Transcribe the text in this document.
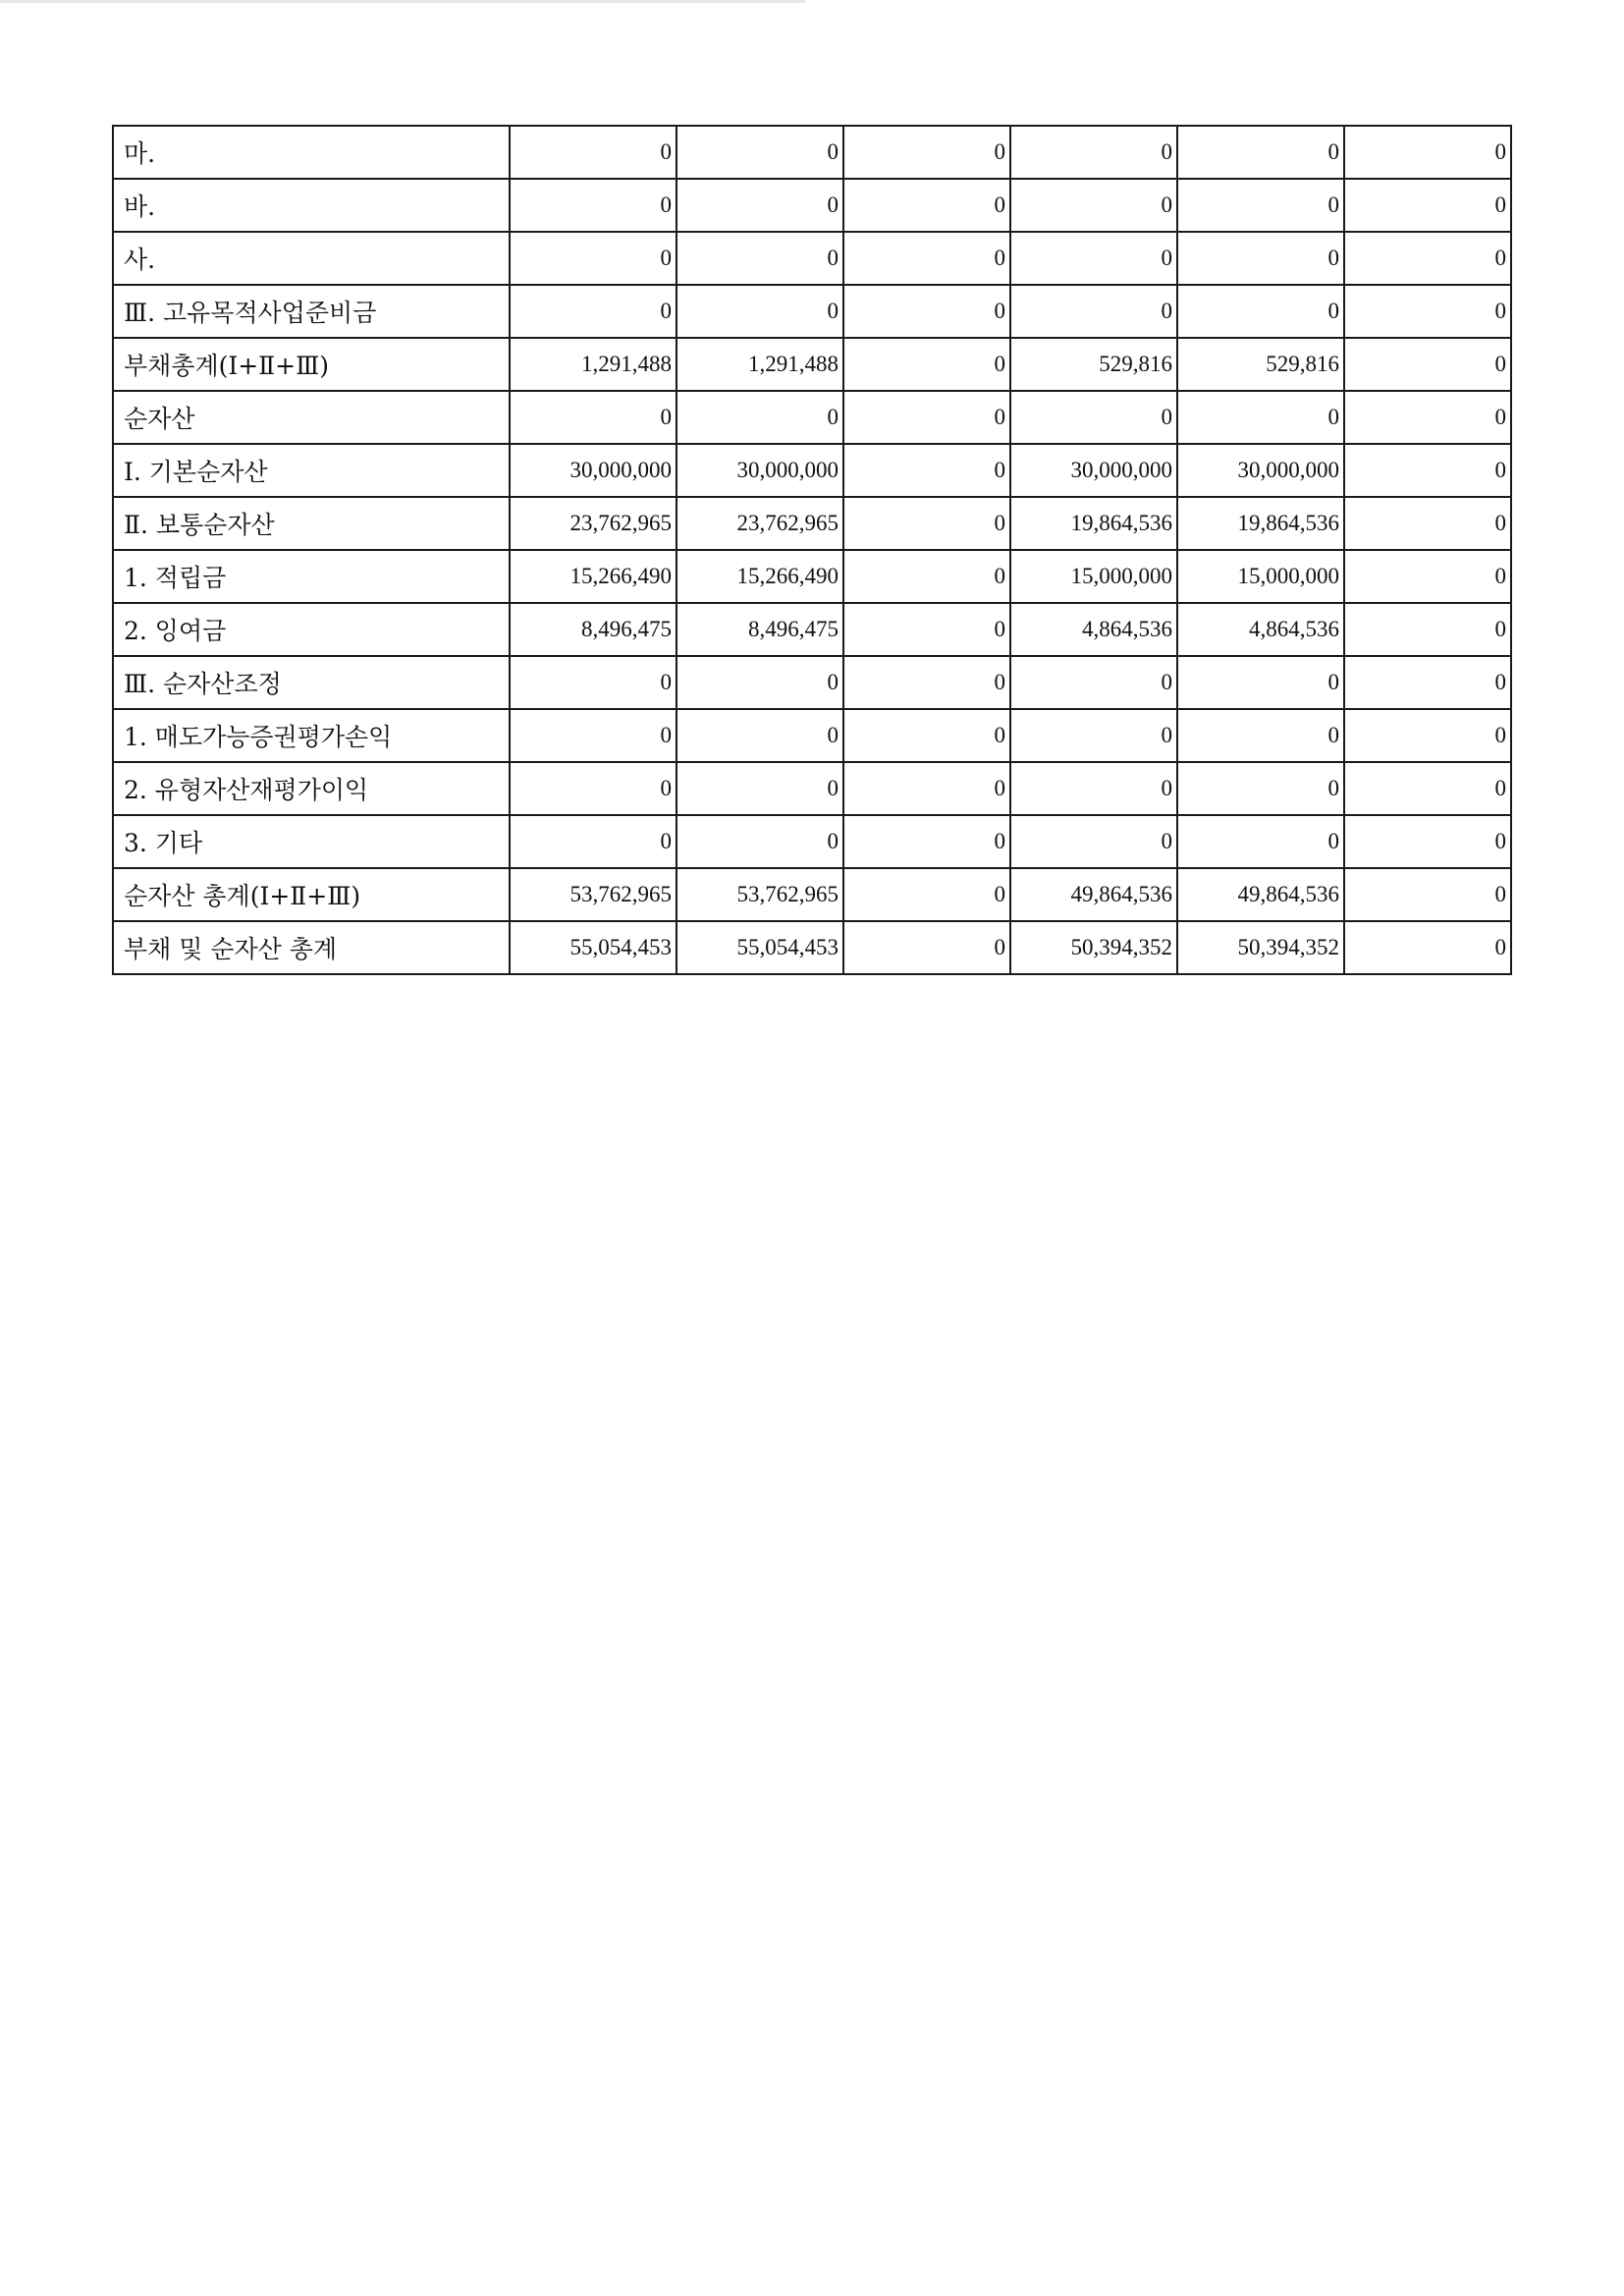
마.	0	0	0	0	0	0
바.	0	0	0	0	0	0
사.	0	0	0	0	0	0
Ⅲ. 고유목적사업준비금	0	0	0	0	0	0
부채총계(Ⅰ+Ⅱ+Ⅲ)	1,291,488	1,291,488	0	529,816	529,816	0
순자산	0	0	0	0	0	0
Ⅰ. 기본순자산	30,000,000	30,000,000	0	30,000,000	30,000,000	0
Ⅱ. 보통순자산	23,762,965	23,762,965	0	19,864,536	19,864,536	0
1. 적립금	15,266,490	15,266,490	0	15,000,000	15,000,000	0
2. 잉여금	8,496,475	8,496,475	0	4,864,536	4,864,536	0
Ⅲ. 순자산조정	0	0	0	0	0	0
1. 매도가능증권평가손익	0	0	0	0	0	0
2. 유형자산재평가이익	0	0	0	0	0	0
3. 기타	0	0	0	0	0	0
순자산 총계(Ⅰ+Ⅱ+Ⅲ)	53,762,965	53,762,965	0	49,864,536	49,864,536	0
부채 및 순자산 총계	55,054,453	55,054,453	0	50,394,352	50,394,352	0
